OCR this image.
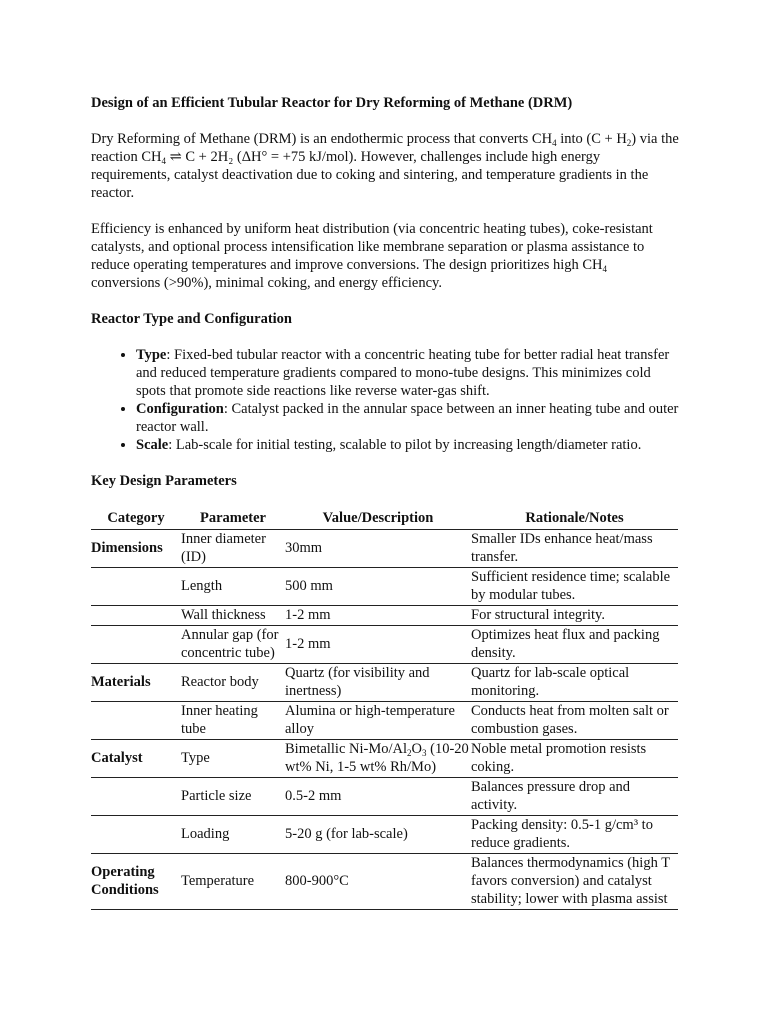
Design of an Efficient Tubular Reactor for Dry Reforming of Methane (DRM)

Dry Reforming of Methane (DRM) is an endothermic process that converts $CH_4$ into $(C + H_2)$ via the reaction $CH_4$ ⇌ C + 2H₂ (ΔH° = +75 kJ/mol). However, challenges include high energy requirements, catalyst deactivation due to coking and sintering, and temperature gradients in the reactor.

Efficiency is enhanced by uniform heat distribution (via concentric heating tubes), coke-resistant catalysts, and optional process intensification like membrane separation or plasma assistance to reduce operating temperatures and improve conversions. The design prioritizes high $CH_4$ conversions (>90%), minimal coking, and energy efficiency.

Reactor Type and Configuration

• Type: Fixed-bed tubular reactor with a concentric heating tube for better radial heat transfer and reduced temperature gradients compared to mono-tube designs. This minimizes cold spots that promote side reactions like reverse water-gas shift.
• Configuration: Catalyst packed in the annular space between an inner heating tube and outer reactor wall.
• Scale: Lab-scale for initial testing, scalable to pilot by increasing length/diameter ratio.

Key Design Parameters

Category	Parameter	Value/Description	Rationale/Notes
Dimensions	Inner diameter (ID)	30mm	Smaller IDs enhance heat/mass transfer.
	Length	500 mm	Sufficient residence time; scalable by modular tubes.
	Wall thickness	1-2 mm	For structural integrity.
	Annular gap (for concentric tube)	1-2 mm	Optimizes heat flux and packing density.
Materials	Reactor body	Quartz (for visibility and inertness)	Quartz for lab-scale optical monitoring.
	Inner heating tube	Alumina or high-temperature alloy	Conducts heat from molten salt or combustion gases.
Catalyst	Type	Bimetallic $Ni-Mo/Al_2O_3$ (10-20 wt% Ni, 1-5 wt% Rh/Mo)	Noble metal promotion resists coking.
	Particle size	0.5-2 mm	Balances pressure drop and activity.
	Loading	5-20 g (for lab-scale)	Packing density: 0.5-1 g/cm³ to reduce gradients.
Operating Conditions	Temperature	800-900°C	Balances thermodynamics (high T favors conversion) and catalyst stability; lower with plasma assist
